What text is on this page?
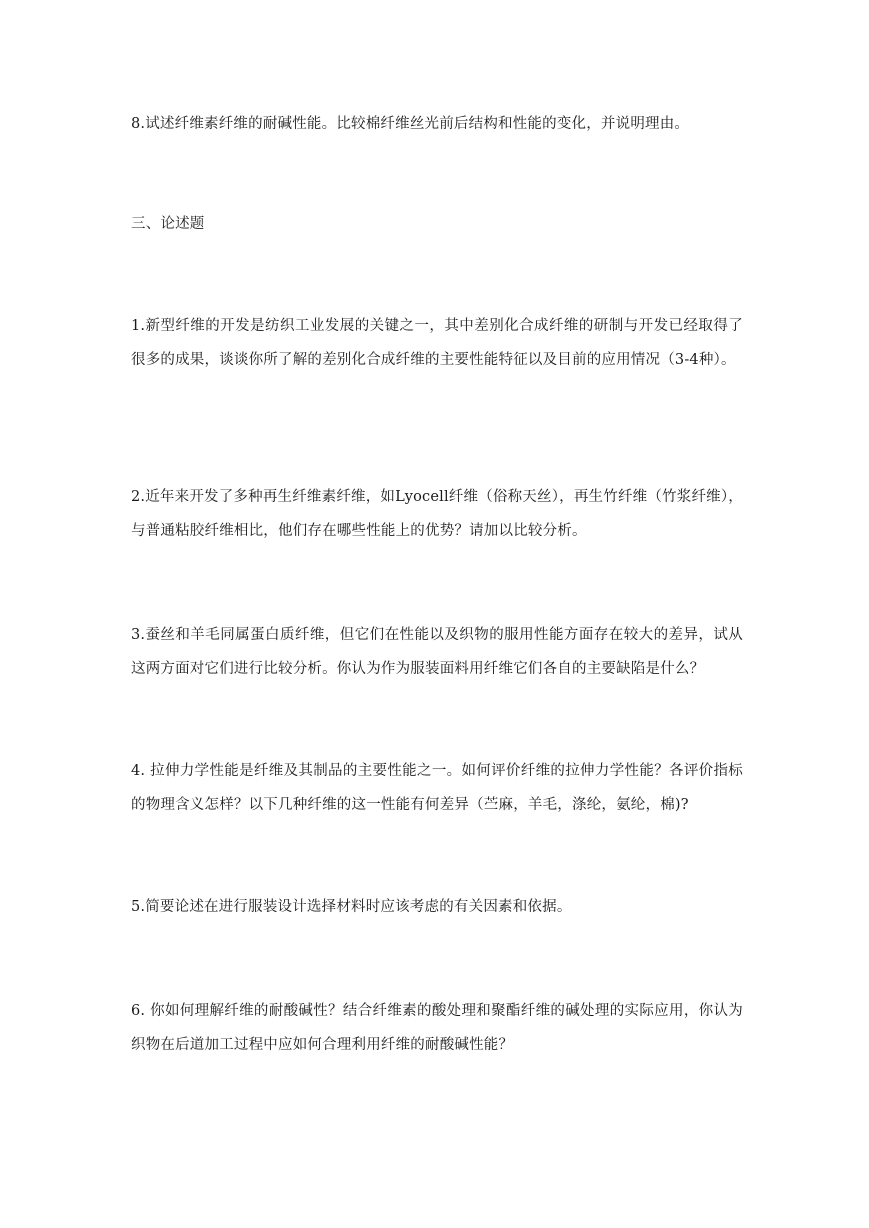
8.试述纤维素纤维的耐碱性能。比较棉纤维丝光前后结构和性能的变化，并说明理由。

三、论述题

1.新型纤维的开发是纺织工业发展的关键之一，其中差别化合成纤维的研制与开发已经取得了很多的成果，谈谈你所了解的差别化合成纤维的主要性能特征以及目前的应用情况（3-4种）。

2.近年来开发了多种再生纤维素纤维，如Lyocell纤维（俗称天丝），再生竹纤维（竹浆纤维），与普通粘胶纤维相比，他们存在哪些性能上的优势？请加以比较分析。

3.蚕丝和羊毛同属蛋白质纤维，但它们在性能以及织物的服用性能方面存在较大的差异，试从这两方面对它们进行比较分析。你认为作为服装面料用纤维它们各自的主要缺陷是什么？

4. 拉伸力学性能是纤维及其制品的主要性能之一。如何评价纤维的拉伸力学性能？各评价指标的物理含义怎样？以下几种纤维的这一性能有何差异（苎麻，羊毛，涤纶，氨纶，棉)?

5.简要论述在进行服装设计选择材料时应该考虑的有关因素和依据。

6. 你如何理解纤维的耐酸碱性？结合纤维素的酸处理和聚酯纤维的碱处理的实际应用，你认为织物在后道加工过程中应如何合理利用纤维的耐酸碱性能？
